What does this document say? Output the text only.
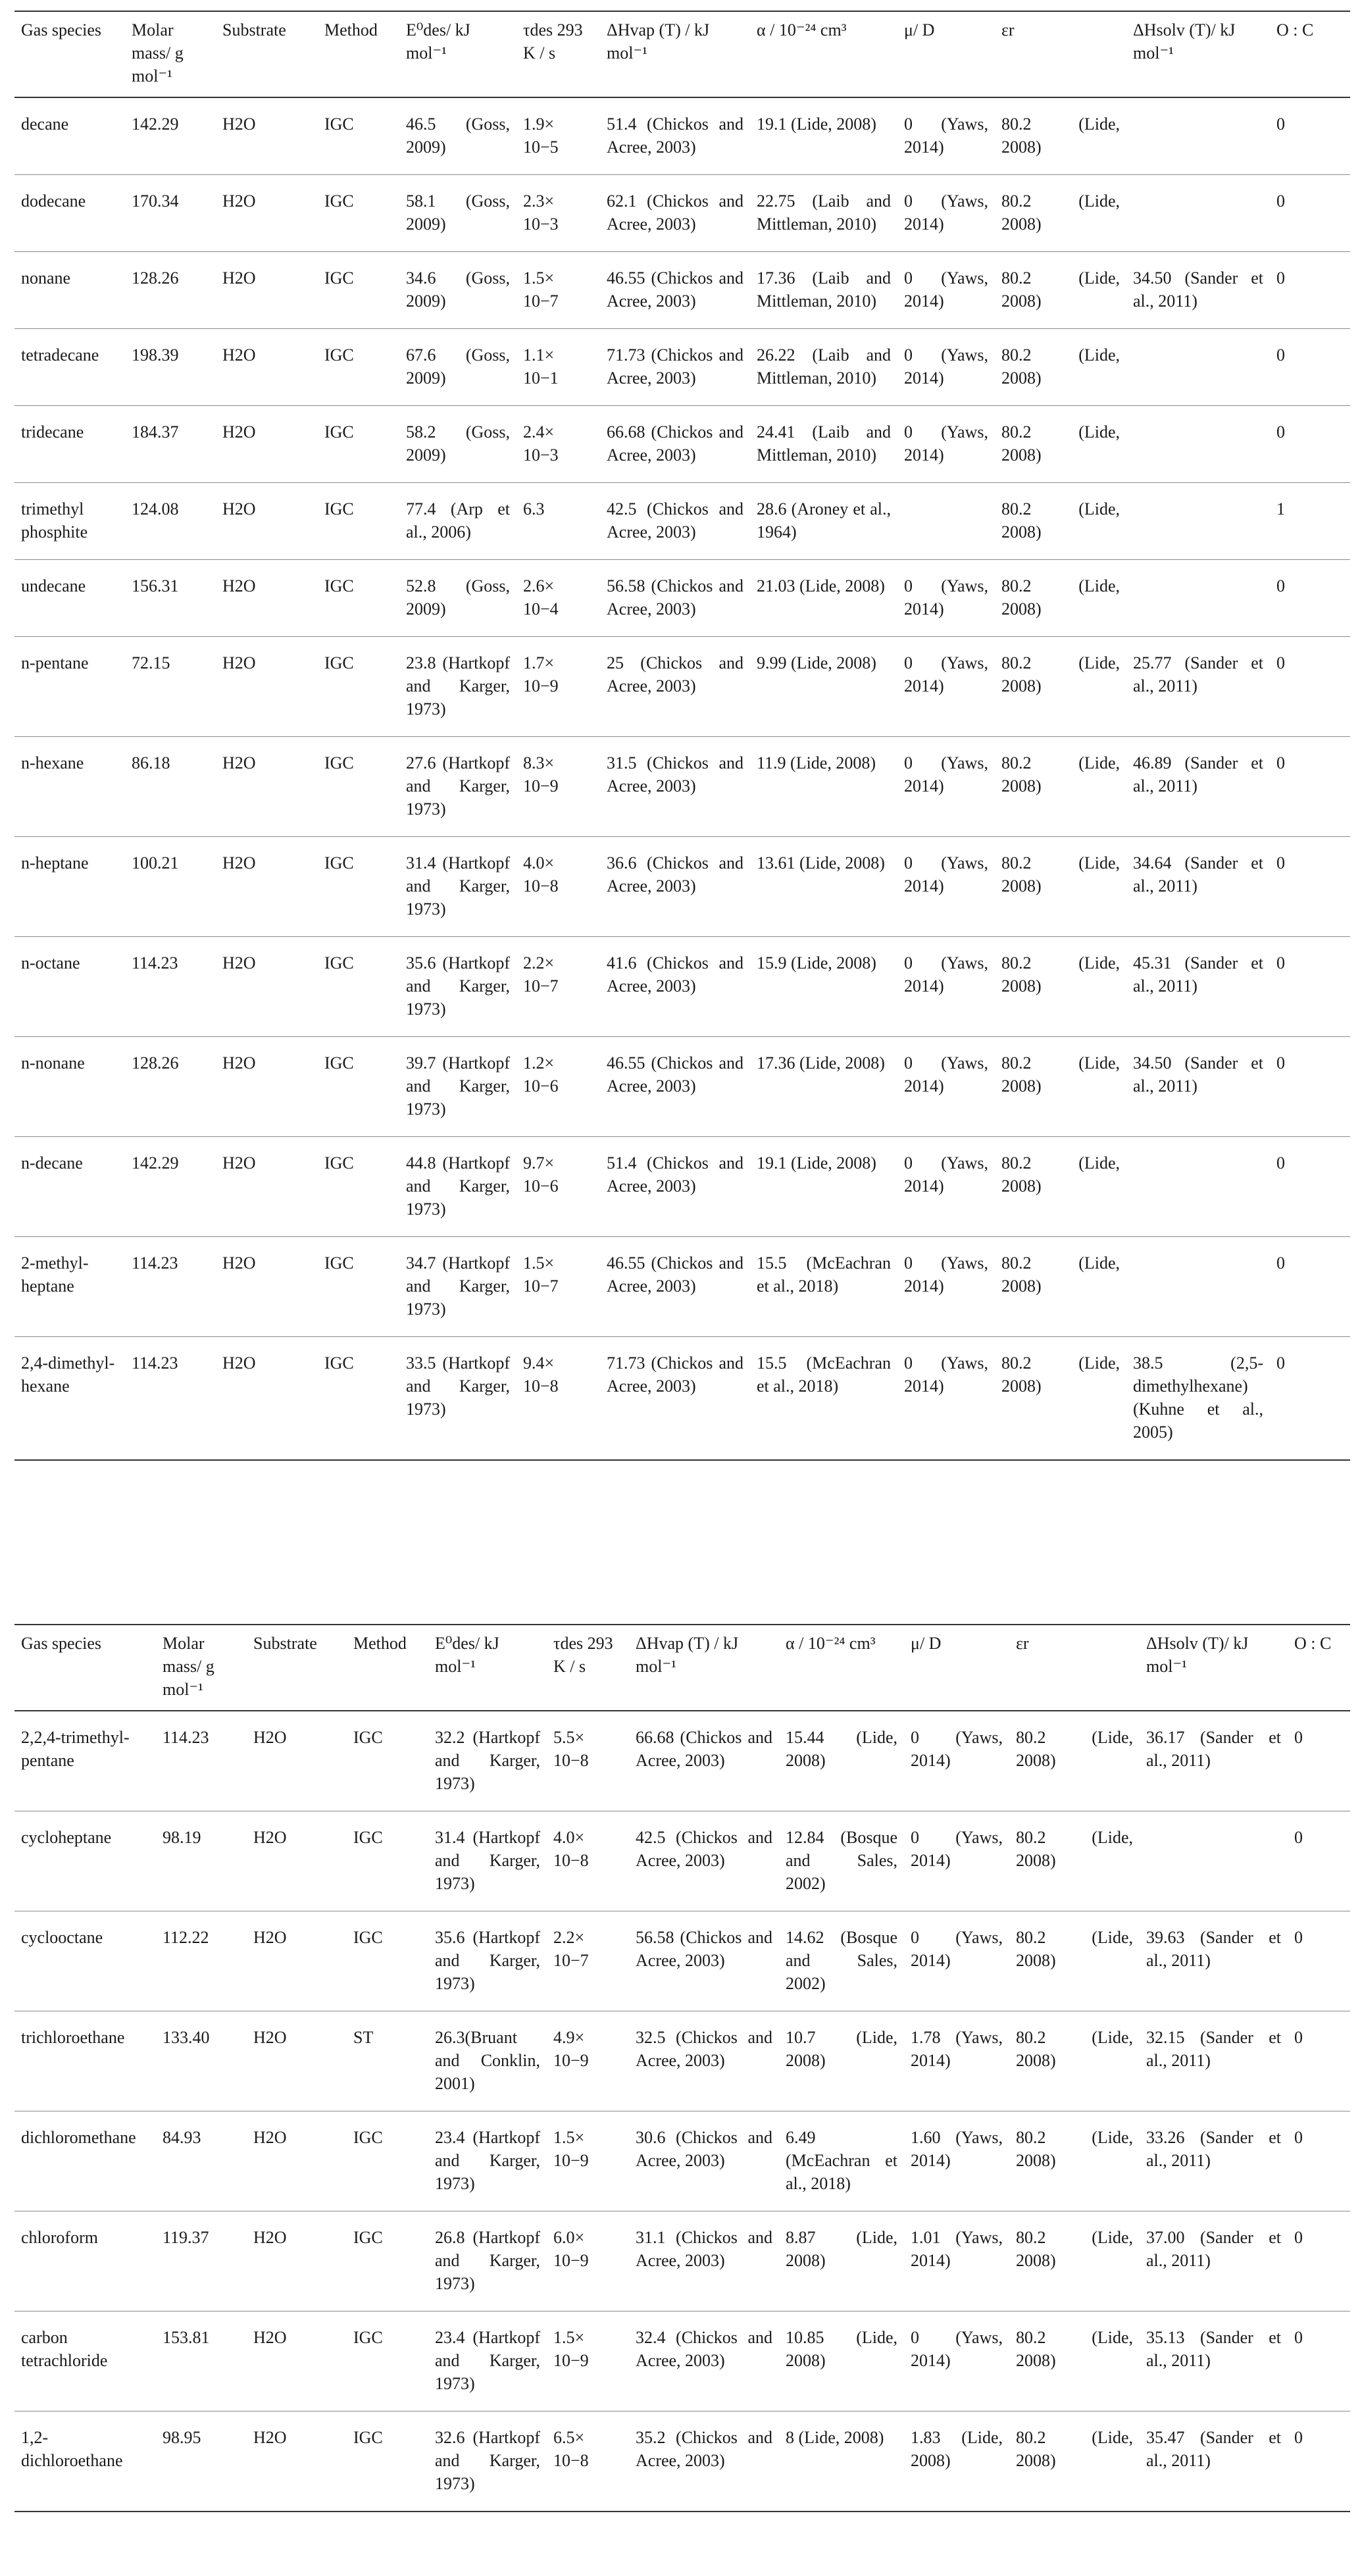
Gas species	Molar mass/ g mol⁻¹	Substrate	Method	E⁰des/ kJ mol⁻¹	τdes 293 K / s	ΔHvap (T) / kJ mol⁻¹	α / 10⁻²⁴ cm³	μ/ D	εr	ΔHsolv (T)/ kJ mol⁻¹	O : C
decane	142.29	H2O	IGC	46.5 (Goss, 2009)	1.9× 10−5	51.4 (Chickos and Acree, 2003)	19.1 (Lide, 2008)	0 (Yaws, 2014)	80.2 (Lide, 2008)		0
dodecane	170.34	H2O	IGC	58.1 (Goss, 2009)	2.3× 10−3	62.1 (Chickos and Acree, 2003)	22.75 (Laib and Mittleman, 2010)	0 (Yaws, 2014)	80.2 (Lide, 2008)		0
nonane	128.26	H2O	IGC	34.6 (Goss, 2009)	1.5× 10−7	46.55 (Chickos and Acree, 2003)	17.36 (Laib and Mittleman, 2010)	0 (Yaws, 2014)	80.2 (Lide, 2008)	34.50 (Sander et al., 2011)	0
tetradecane	198.39	H2O	IGC	67.6 (Goss, 2009)	1.1× 10−1	71.73 (Chickos and Acree, 2003)	26.22 (Laib and Mittleman, 2010)	0 (Yaws, 2014)	80.2 (Lide, 2008)		0
tridecane	184.37	H2O	IGC	58.2 (Goss, 2009)	2.4× 10−3	66.68 (Chickos and Acree, 2003)	24.41 (Laib and Mittleman, 2010)	0 (Yaws, 2014)	80.2 (Lide, 2008)		0
trimethyl phosphite	124.08	H2O	IGC	77.4 (Arp et al., 2006)	6.3	42.5 (Chickos and Acree, 2003)	28.6 (Aroney et al., 1964)		80.2 (Lide, 2008)		1
undecane	156.31	H2O	IGC	52.8 (Goss, 2009)	2.6× 10−4	56.58 (Chickos and Acree, 2003)	21.03 (Lide, 2008)	0 (Yaws, 2014)	80.2 (Lide, 2008)		0
n-pentane	72.15	H2O	IGC	23.8 (Hartkopf and Karger, 1973)	1.7× 10−9	25 (Chickos and Acree, 2003)	9.99 (Lide, 2008)	0 (Yaws, 2014)	80.2 (Lide, 2008)	25.77 (Sander et al., 2011)	0
n-hexane	86.18	H2O	IGC	27.6 (Hartkopf and Karger, 1973)	8.3× 10−9	31.5 (Chickos and Acree, 2003)	11.9 (Lide, 2008)	0 (Yaws, 2014)	80.2 (Lide, 2008)	46.89 (Sander et al., 2011)	0
n-heptane	100.21	H2O	IGC	31.4 (Hartkopf and Karger, 1973)	4.0× 10−8	36.6 (Chickos and Acree, 2003)	13.61 (Lide, 2008)	0 (Yaws, 2014)	80.2 (Lide, 2008)	34.64 (Sander et al., 2011)	0
n-octane	114.23	H2O	IGC	35.6 (Hartkopf and Karger, 1973)	2.2× 10−7	41.6 (Chickos and Acree, 2003)	15.9 (Lide, 2008)	0 (Yaws, 2014)	80.2 (Lide, 2008)	45.31 (Sander et al., 2011)	0
n-nonane	128.26	H2O	IGC	39.7 (Hartkopf and Karger, 1973)	1.2× 10−6	46.55 (Chickos and Acree, 2003)	17.36 (Lide, 2008)	0 (Yaws, 2014)	80.2 (Lide, 2008)	34.50 (Sander et al., 2011)	0
n-decane	142.29	H2O	IGC	44.8 (Hartkopf and Karger, 1973)	9.7× 10−6	51.4 (Chickos and Acree, 2003)	19.1 (Lide, 2008)	0 (Yaws, 2014)	80.2 (Lide, 2008)		0
2-methyl-heptane	114.23	H2O	IGC	34.7 (Hartkopf and Karger, 1973)	1.5× 10−7	46.55 (Chickos and Acree, 2003)	15.5 (McEachran et al., 2018)	0 (Yaws, 2014)	80.2 (Lide, 2008)		0
2,4-dimethyl-hexane	114.23	H2O	IGC	33.5 (Hartkopf and Karger, 1973)	9.4× 10−8	71.73 (Chickos and Acree, 2003)	15.5 (McEachran et al., 2018)	0 (Yaws, 2014)	80.2 (Lide, 2008)	38.5 (2,5-dimethylhexane) (Kuhne et al., 2005)	0
Gas species	Molar mass/ g mol⁻¹	Substrate	Method	E⁰des/ kJ mol⁻¹	τdes 293 K / s	ΔHvap (T) / kJ mol⁻¹	α / 10⁻²⁴ cm³	μ/ D	εr	ΔHsolv (T)/ kJ mol⁻¹	O : C
2,2,4-trimethyl-pentane	114.23	H2O	IGC	32.2 (Hartkopf and Karger, 1973)	5.5× 10−8	66.68 (Chickos and Acree, 2003)	15.44 (Lide, 2008)	0 (Yaws, 2014)	80.2 (Lide, 2008)	36.17 (Sander et al., 2011)	0
cycloheptane	98.19	H2O	IGC	31.4 (Hartkopf and Karger, 1973)	4.0× 10−8	42.5 (Chickos and Acree, 2003)	12.84 (Bosque and Sales, 2002)	0 (Yaws, 2014)	80.2 (Lide, 2008)		0
cyclooctane	112.22	H2O	IGC	35.6 (Hartkopf and Karger, 1973)	2.2× 10−7	56.58 (Chickos and Acree, 2003)	14.62 (Bosque and Sales, 2002)	0 (Yaws, 2014)	80.2 (Lide, 2008)	39.63 (Sander et al., 2011)	0
trichloroethane	133.40	H2O	ST	26.3(Bruant and Conklin, 2001)	4.9× 10−9	32.5 (Chickos and Acree, 2003)	10.7 (Lide, 2008)	1.78 (Yaws, 2014)	80.2 (Lide, 2008)	32.15 (Sander et al., 2011)	0
dichloromethane	84.93	H2O	IGC	23.4 (Hartkopf and Karger, 1973)	1.5× 10−9	30.6 (Chickos and Acree, 2003)	6.49 (McEachran et al., 2018)	1.60 (Yaws, 2014)	80.2 (Lide, 2008)	33.26 (Sander et al., 2011)	0
chloroform	119.37	H2O	IGC	26.8 (Hartkopf and Karger, 1973)	6.0× 10−9	31.1 (Chickos and Acree, 2003)	8.87 (Lide, 2008)	1.01 (Yaws, 2014)	80.2 (Lide, 2008)	37.00 (Sander et al., 2011)	0
carbon tetrachloride	153.81	H2O	IGC	23.4 (Hartkopf and Karger, 1973)	1.5× 10−9	32.4 (Chickos and Acree, 2003)	10.85 (Lide, 2008)	0 (Yaws, 2014)	80.2 (Lide, 2008)	35.13 (Sander et al., 2011)	0
1,2-dichloroethane	98.95	H2O	IGC	32.6 (Hartkopf and Karger, 1973)	6.5× 10−8	35.2 (Chickos and Acree, 2003)	8 (Lide, 2008)	1.83 (Lide, 2008)	80.2 (Lide, 2008)	35.47 (Sander et al., 2011)	0
